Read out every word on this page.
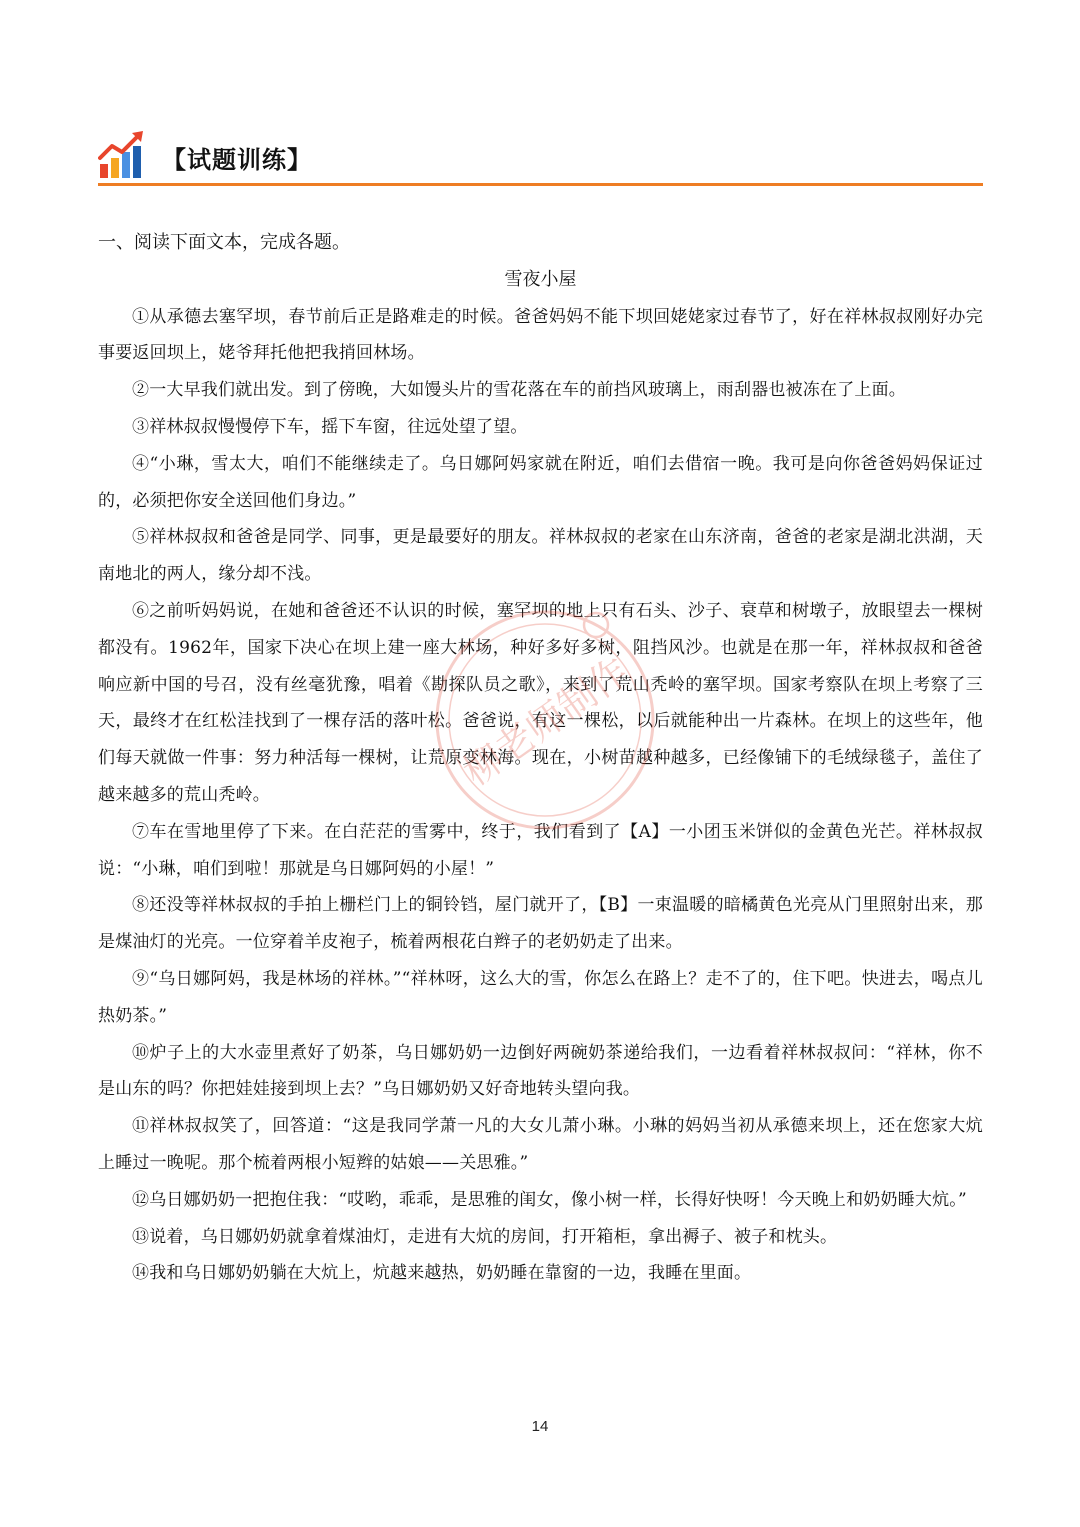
【试题训练】

一、阅读下面文本，完成各题。

雪夜小屋

①从承德去塞罕坝，春节前后正是路难走的时候。爸爸妈妈不能下坝回姥姥家过春节了，好在祥林叔叔刚好办完事要返回坝上，姥爷拜托他把我捎回林场。

②一大早我们就出发。到了傍晚，大如馒头片的雪花落在车的前挡风玻璃上，雨刮器也被冻在了上面。

③祥林叔叔慢慢停下车，摇下车窗，往远处望了望。

④“小琳，雪太大，咱们不能继续走了。乌日娜阿妈家就在附近，咱们去借宿一晚。我可是向你爸爸妈妈保证过的，必须把你安全送回他们身边。”

⑤祥林叔叔和爸爸是同学、同事，更是最要好的朋友。祥林叔叔的老家在山东济南，爸爸的老家是湖北洪湖，天南地北的两人，缘分却不浅。

⑥之前听妈妈说，在她和爸爸还不认识的时候，塞罕坝的地上只有石头、沙子、衰草和树墩子，放眼望去一棵树都没有。1962年，国家下决心在坝上建一座大林场，种好多好多树，阻挡风沙。也就是在那一年，祥林叔叔和爸爸响应新中国的号召，没有丝毫犹豫，唱着《勘探队员之歌》，来到了荒山秃岭的塞罕坝。国家考察队在坝上考察了三天，最终才在红松洼找到了一棵存活的落叶松。爸爸说，有这一棵松，以后就能种出一片森林。在坝上的这些年，他们每天就做一件事：努力种活每一棵树，让荒原变林海。现在，小树苗越种越多，已经像铺下的毛绒绿毯子，盖住了越来越多的荒山秃岭。

⑦车在雪地里停了下来。在白茫茫的雪雾中，终于，我们看到了【A】一小团玉米饼似的金黄色光芒。祥林叔叔说：“小琳，咱们到啦！那就是乌日娜阿妈的小屋！”

⑧还没等祥林叔叔的手拍上栅栏门上的铜铃铛，屋门就开了，【B】一束温暖的暗橘黄色光亮从门里照射出来，那是煤油灯的光亮。一位穿着羊皮袍子，梳着两根花白辫子的老奶奶走了出来。

⑨“乌日娜阿妈，我是林场的祥林。”“祥林呀，这么大的雪，你怎么在路上？走不了的，住下吧。快进去，喝点儿热奶茶。”

⑩炉子上的大水壶里煮好了奶茶，乌日娜奶奶一边倒好两碗奶茶递给我们，一边看着祥林叔叔问：“祥林，你不是山东的吗？你把娃娃接到坝上去？”乌日娜奶奶又好奇地转头望向我。

⑪祥林叔叔笑了，回答道：“这是我同学萧一凡的大女儿萧小琳。小琳的妈妈当初从承德来坝上，还在您家大炕上睡过一晚呢。那个梳着两根小短辫的姑娘——关思雅。”

⑫乌日娜奶奶一把抱住我：“哎哟，乖乖，是思雅的闺女，像小树一样，长得好快呀！今天晚上和奶奶睡大炕。”

⑬说着，乌日娜奶奶就拿着煤油灯，走进有大炕的房间，打开箱柜，拿出褥子、被子和枕头。

⑭我和乌日娜奶奶躺在大炕上，炕越来越热，奶奶睡在靠窗的一边，我睡在里面。

柳老师制作
14
